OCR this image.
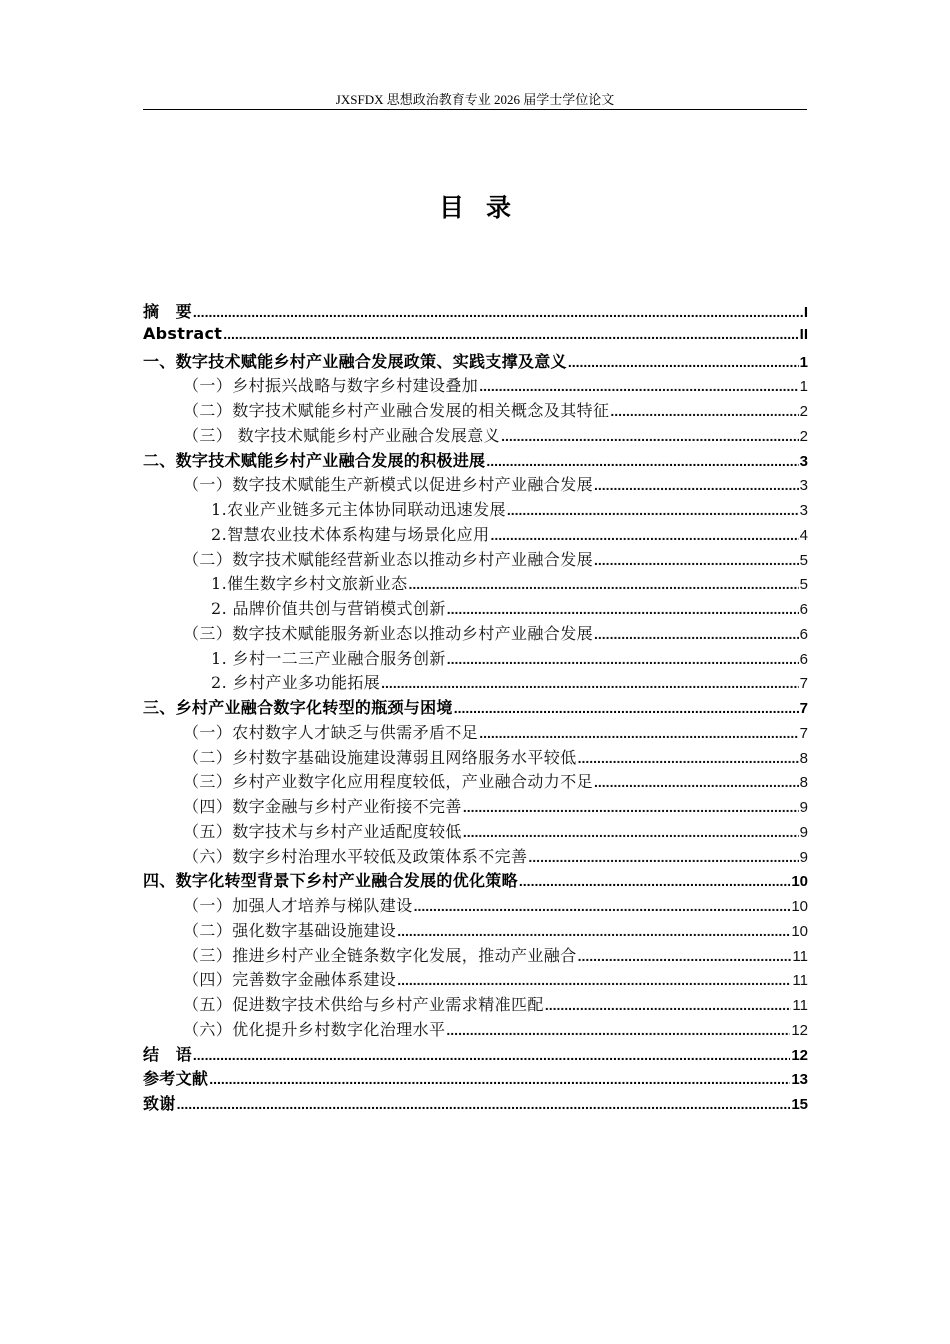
JXSFDX 思想政治教育专业 2026 届学士学位论文
目录
摘　要 .....	I
Abstract .....	II
一、数字技术赋能乡村产业融合发展政策、实践支撑及意义 .....	1
（一）乡村振兴战略与数字乡村建设叠加 .....	1
（二）数字技术赋能乡村产业融合发展的相关概念及其特征 .....	2
（三） 数字技术赋能乡村产业融合发展意义 .....	2
二、数字技术赋能乡村产业融合发展的积极进展 .....	3
（一）数字技术赋能生产新模式以促进乡村产业融合发展 .....	3
1.农业产业链多元主体协同联动迅速发展 .....	3
2.智慧农业技术体系构建与场景化应用 .....	4
（二）数字技术赋能经营新业态以推动乡村产业融合发展 .....	5
1.催生数字乡村文旅新业态 .....	5
2. 品牌价值共创与营销模式创新 .....	6
（三）数字技术赋能服务新业态以推动乡村产业融合发展 .....	6
1. 乡村一二三产业融合服务创新 .....	6
2. 乡村产业多功能拓展 .....	7
三、乡村产业融合数字化转型的瓶颈与困境 .....	7
（一）农村数字人才缺乏与供需矛盾不足 .....	7
（二）乡村数字基础设施建设薄弱且网络服务水平较低 .....	8
（三）乡村产业数字化应用程度较低，产业融合动力不足 .....	8
（四）数字金融与乡村产业衔接不完善 .....	9
（五）数字技术与乡村产业适配度较低 .....	9
（六）数字乡村治理水平较低及政策体系不完善 .....	9
四、数字化转型背景下乡村产业融合发展的优化策略 .....	10
（一）加强人才培养与梯队建设 .....	10
（二）强化数字基础设施建设 .....	10
（三）推进乡村产业全链条数字化发展，推动产业融合 .....	11
（四）完善数字金融体系建设 .....	11
（五）促进数字技术供给与乡村产业需求精准匹配 .....	11
（六）优化提升乡村数字化治理水平 .....	12
结　语 .....	12
参考文献 .....	13
致谢 .....	15
